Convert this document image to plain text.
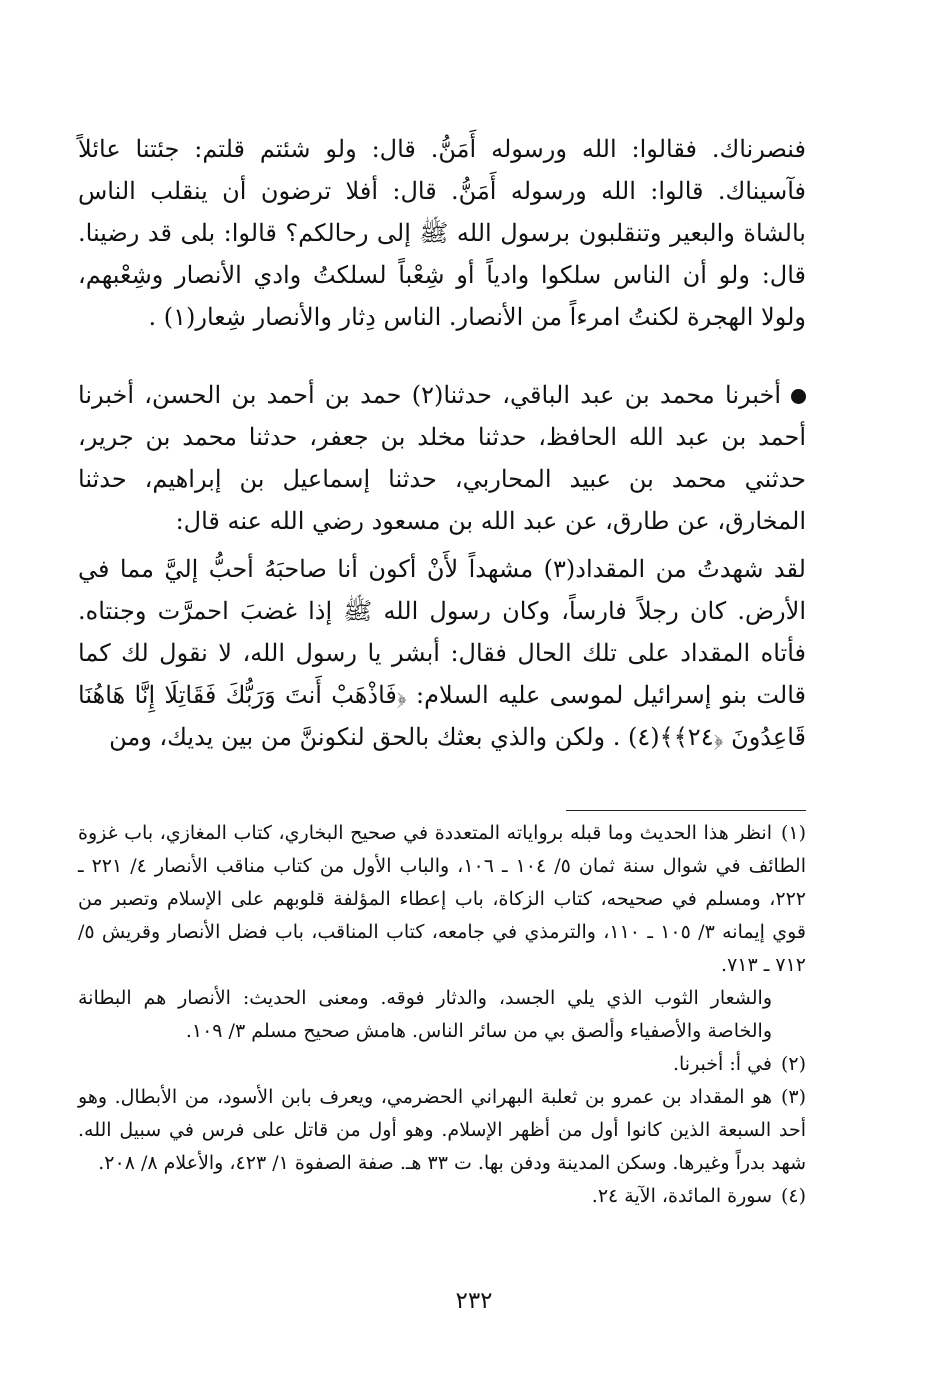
فنصرناك. فقالوا: الله ورسوله أَمَنُّ. قال: ولو شئتم قلتم: جئتنا عائلاً فآسيناك. قالوا: الله ورسوله أَمَنُّ. قال: أفلا ترضون أن ينقلب الناس بالشاة والبعير وتنقلبون برسول الله ﷺ إلى رحالكم؟ قالوا: بلى قد رضينا. قال: ولو أن الناس سلكوا وادياً أو شِعْباً لسلكتُ وادي الأنصار وشِعْبهم، ولولا الهجرة لكنتُ امرءاً من الأنصار. الناس دِثار والأنصار شِعار(١) .

أخبرنا محمد بن عبد الباقي، حدثنا(٢) حمد بن أحمد بن الحسن، أخبرنا أحمد بن عبد الله الحافظ، حدثنا مخلد بن جعفر، حدثنا محمد بن جرير، حدثني محمد بن عبيد المحاربي، حدثنا إسماعيل بن إبراهيم، حدثنا المخارق، عن طارق، عن عبد الله بن مسعود رضي الله عنه قال:

لقد شهدتُ من المقداد(٣) مشهداً لأَنْ أكون أنا صاحبَهُ أحبُّ إليَّ مما في الأرض. كان رجلاً فارساً، وكان رسول الله ﷺ إذا غضبَ احمرَّت وجنتاه. فأتاه المقداد على تلك الحال فقال: أبشر يا رسول الله، لا نقول لك كما قالت بنو إسرائيل لموسى عليه السلام: ﴿فَاذْهَبْ أَنتَ وَرَبُّكَ فَقَاتِلَا إِنَّا هَاهُنَا قَاعِدُونَ ﴿٢٤﴾﴾(٤) . ولكن والذي بعثك بالحق لنكوننَّ من بين يديك، ومن

(١)انظر هذا الحديث وما قبله برواياته المتعددة في صحيح البخاري، كتاب المغازي، باب غزوة الطائف في شوال سنة ثمان ٥/ ١٠٤ ـ ١٠٦، والباب الأول من كتاب مناقب الأنصار ٤/ ٢٢١ ـ ٢٢٢، ومسلم في صحيحه، كتاب الزكاة، باب إعطاء المؤلفة قلوبهم على الإسلام وتصبر من قوي إيمانه ٣/ ١٠٥ ـ ١١٠، والترمذي في جامعه، كتاب المناقب، باب فضل الأنصار وقريش ٥/ ٧١٢ ـ ٧١٣.

والشعار الثوب الذي يلي الجسد، والدثار فوقه. ومعنى الحديث: الأنصار هم البطانة والخاصة والأصفياء وألصق بي من سائر الناس. هامش صحيح مسلم ٣/ ١٠٩.

(٢)في أ: أخبرنا.

(٣)هو المقداد بن عمرو بن ثعلبة البهراني الحضرمي، ويعرف بابن الأسود، من الأبطال. وهو أحد السبعة الذين كانوا أول من أظهر الإسلام. وهو أول من قاتل على فرس في سبيل الله. شهد بدراً وغيرها. وسكن المدينة ودفن بها. ت ٣٣ هـ. صفة الصفوة ١/ ٤٢٣، والأعلام ٨/ ٢٠٨.

(٤)سورة المائدة، الآية ٢٤.

٢٣٢
